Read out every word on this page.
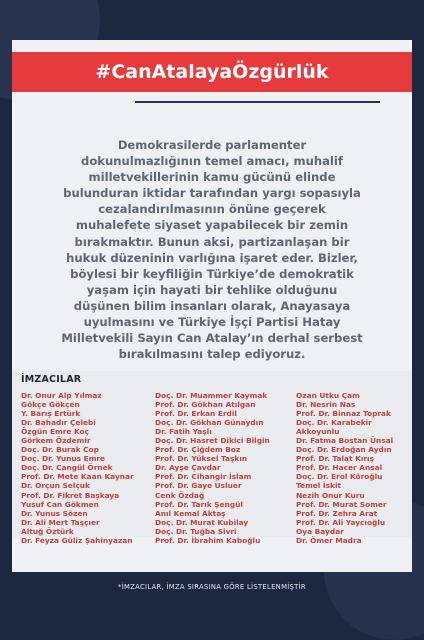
#CanAtalayaÖzgürlük
Demokrasilerde parlamenter
dokunulmazlığının temel amacı, muhalif
milletvekillerinin kamu gücünü elinde
bulunduran iktidar tarafından yargı sopasıyla
cezalandırılmasının önüne geçerek
muhalefete siyaset yapabilecek bir zemin
bırakmaktır. Bunun aksi, partizanlaşan bir
hukuk düzeninin varlığına işaret eder. Bizler,
böylesi bir keyfiliğin Türkiye’de demokratik
yaşam için hayati bir tehlike olduğunu
düşünen bilim insanları olarak, Anayasaya
uyulmasını ve Türkiye İşçi Partisi Hatay
Milletvekili Sayın Can Atalay’ın derhal serbest
bırakılmasını talep ediyoruz.
İMZACILAR
Dr. Onur Alp Yılmaz
Gökçe Gökçen
Y. Barış Ertürk
Dr. Bahadır Çelebi
Özgün Emre Koç
Görkem Özdemir
Doç. Dr. Burak Cop
Doç. Dr. Yunus Emre
Doç. Dr. Cangül Örnek
Prof. Dr. Mete Kaan Kaynar
Dr. Orçun Selçuk
Prof. Dr. Fikret Başkaya
Yusuf Can Gökmen
Dr. Yunus Sözen
Dr. Ali Mert Taşçıer
Altuğ Öztürk
Dr. Feyza Güliz Şahinyazan
Doç. Dr. Muammer Kaymak
Prof. Dr. Gökhan Atılgan
Prof. Dr. Erkan Erdil
Doç. Dr. Gökhan Günaydın
Dr. Fatih Yaşlı
Doç. Dr. Hasret Dikici Bilgin
Prof. Dr. Çiğdem Boz
Prof. Dr. Yüksel Taşkın
Dr. Ayşe Çavdar
Prof. Dr. Cihangir İslam
Prof. Dr. Gaye Usluer
Cenk Özdağ
Prof. Dr. Tarık Şengül
Anıl Kemal Aktaş
Doç. Dr. Murat Kubilay
Doç. Dr. Tuğba Sivri
Prof. Dr. İbrahim Kaboğlu
Ozan Utku Çam
Dr. Nesrin Nas
Prof. Dr. Binnaz Toprak
Doç. Dr. Karabekir
Akkoyunlu
Dr. Fatma Bostan Ünsal
Doç. Dr. Erdoğan Aydın
Prof. Dr. Talat Kırış
Prof. Dr. Hacer Ansal
Doç. Dr. Erol Köroğlu
Temel İskit
Nezih Onur Kuru
Prof. Dr. Murat Somer
Prof. Dr. Zehra Arat
Prof. Dr. Ali Yaycıoğlu
Oya Baydar
Dr. Ömer Madra
*İMZACILAR, İMZA SIRASINA GÖRE LİSTELENMİŞTİR
